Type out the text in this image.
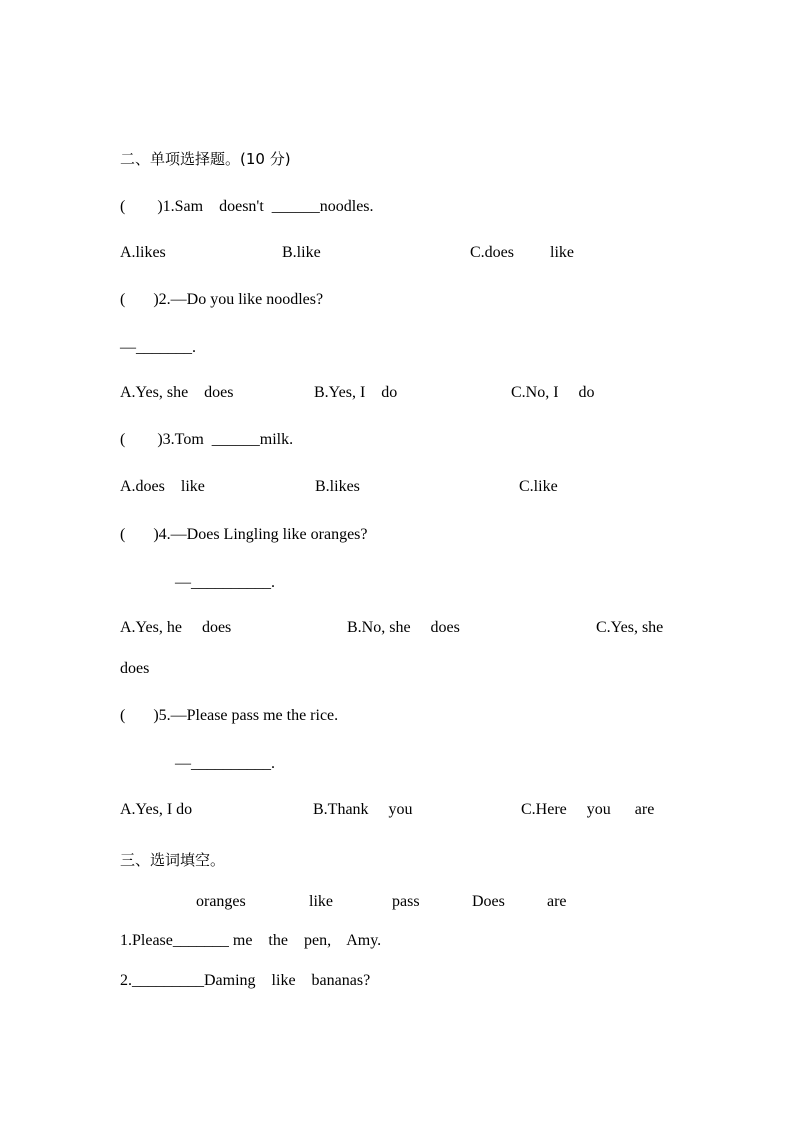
二、单项选择题。(10 分)
(        )1.Sam    doesn't  ______noodles.
A.likes	B.like	C.does         like
(       )2.—Do you like noodles?
—_______.
A.Yes, she    does	B.Yes, I    do	C.No, I     do
(        )3.Tom  ______milk.
A.does    like	B.likes	C.like
(       )4.—Does Lingling like oranges?
—__________.
A.Yes, he     does	B.No, she     does	C.Yes, she
does
(       )5.—Please pass me the rice.
—__________.
A.Yes, I do	B.Thank     you	C.Here     you      are
三、选词填空。
oranges	like	pass	Does	are
1.Please_______ me    the    pen,    Amy.
2._________Daming    like    bananas?
